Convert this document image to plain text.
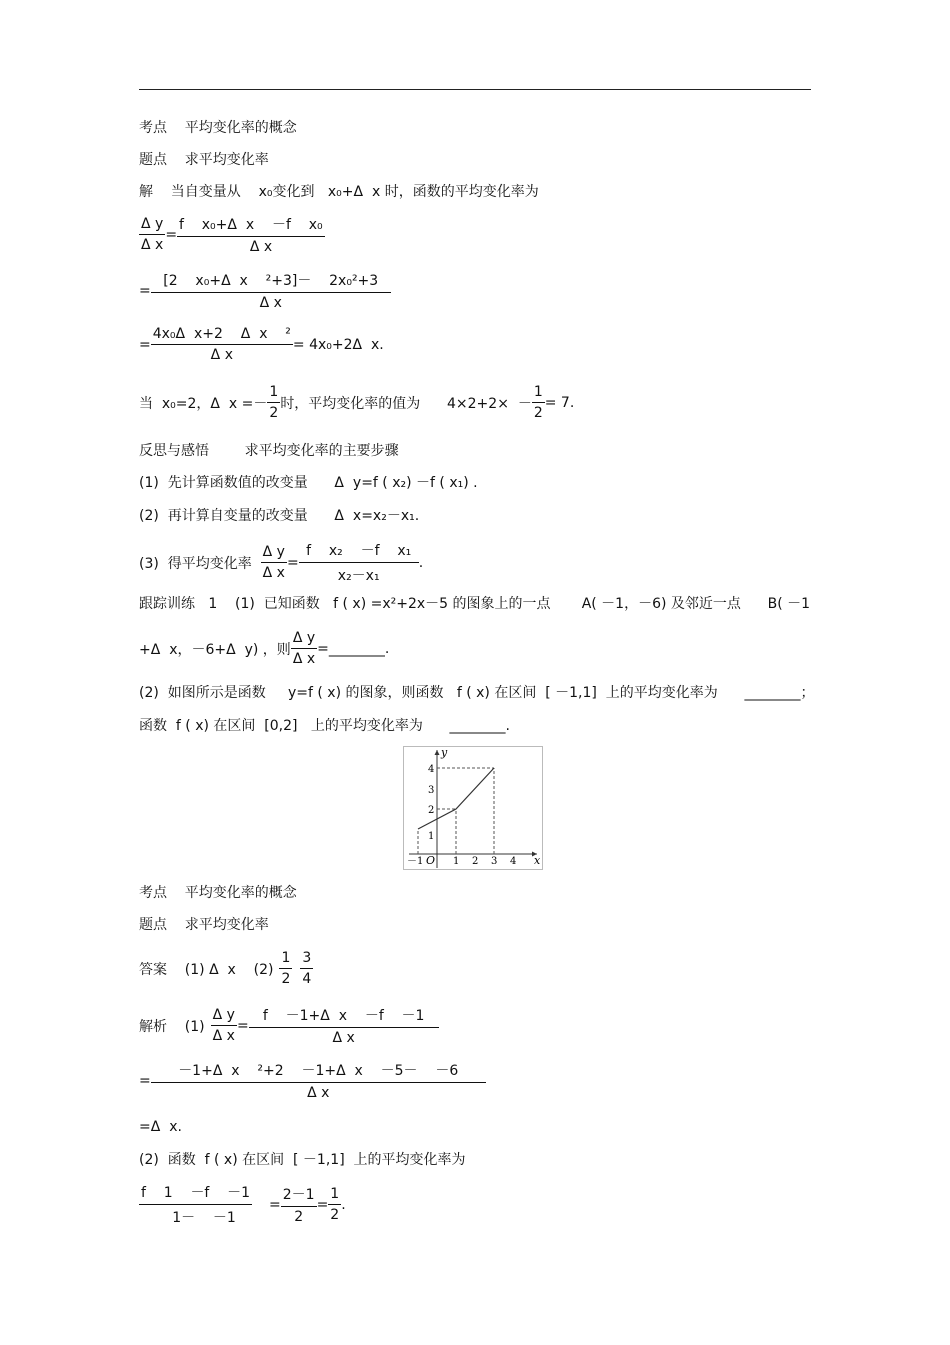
考点    平均变化率的概念
题点    求平均变化率
解    当自变量从    x₀变化到   x₀+Δ  x 时，函数的平均变化率为
$\frac{\text{Δ y}}{\text{Δ x}} = \frac{\text{f    x₀+Δ  x    －f    x₀}}{\text{Δ x}}$
= $\frac{\text{[2    x₀+Δ  x    ²+3]－    2x₀²+3}}{\text{Δ x}}$
= $\frac{\text{4x₀Δ  x+2    Δ  x    ²}}{\text{Δ x}} = 4x_0+2\Delta$  x.
当  x₀=2，Δ  $x =- \frac{1}{2}$ 时，平均变化率的值为      $4\times 2+2\times - \frac{1}{2} = 7$.
反思与感悟        求平均变化率的主要步骤
(1)  先计算函数值的改变量      Δ  y=f ( x₂) －f ( x₁) .
(2)  再计算自变量的改变量      Δ  x=x₂－x₁.
(3)  得平均变化率 $\frac{\text{Δ y}}{\text{Δ x}} = \frac{\text{f    x₂    －f    x₁}}{\text{x₂－x₁}}$ .
跟踪训练   1    (1)  已知函数   f ( x) =x²+2x－5 的图象上的一点       A( －1，－6) 及邻近一点      B( －1
+Δ  x，－6+Δ  y) ，则 $\frac{\text{Δ y}}{\text{Δ x}}$ =________.
(2)  如图所示是函数     y=f ( x) 的图象，则函数   f ( x) 在区间  [ －1,1]  上的平均变化率为      ________；
函数  f ( x) 在区间  [0,2]   上的平均变化率为      ________.
y
x
O
－1	1 2 3 4
1
2
3
4
考点    平均变化率的概念
题点    求平均变化率
答案    (1) Δ  x    $(2) \frac{1}{2} \frac{3}{4}$
解析    $(1) \frac{\text{Δ y}}{\text{Δ x}} = \frac{\text{f    －1+Δ  x    －f    －1}}{\text{Δ x}}$
= $\frac{\text{－1+Δ  x    ²+2    －1+Δ  x    －5－    －6}}{\text{Δ x}}$
=Δ  x.
(2)  函数  f ( x) 在区间  [ －1,1]  上的平均变化率为
$\frac{f 1 -f -1}{1- -1} = \frac{2-1}{2} = \frac{1}{2}$ .
